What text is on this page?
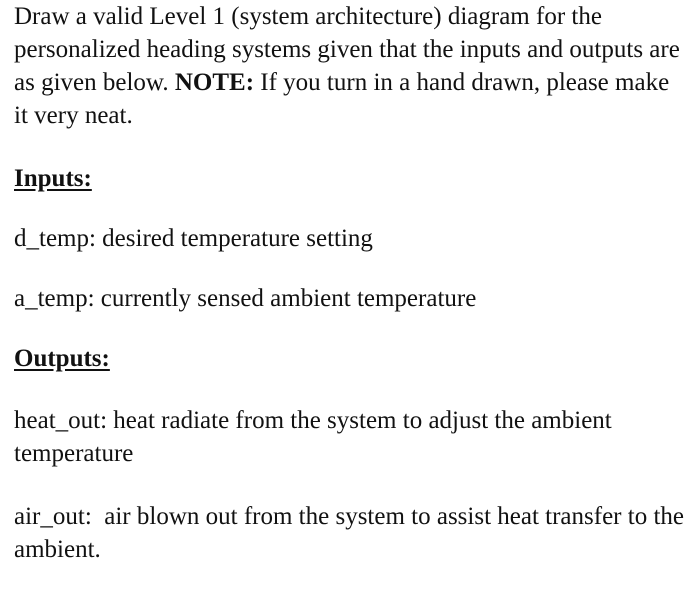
Draw a valid Level 1 (system architecture) diagram for the personalized heading systems given that the inputs and outputs are as given below. NOTE: If you turn in a hand drawn, please make it very neat.

Inputs:

d_temp: desired temperature setting

a_temp: currently sensed ambient temperature

Outputs:

heat_out: heat radiate from the system to adjust the ambient temperature

air_out:  air blown out from the system to assist heat transfer to the ambient.
